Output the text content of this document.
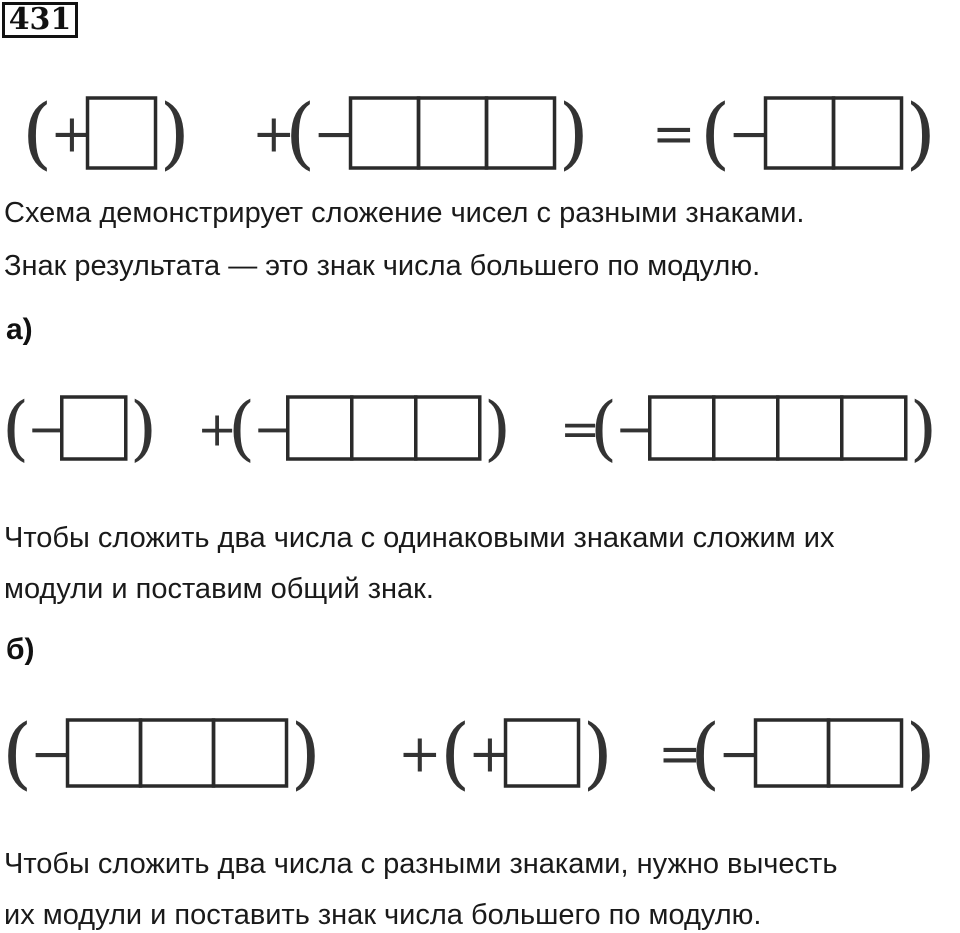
431
(
+ ) +
(
−	) = (
− )
Схема демонстрирует сложение чисел с разными знаками.
Знак результата — это знак числа большего по модулю.
а)
(
− ) +
(
−	) =
(
−	)
Чтобы сложить два числа с одинаковыми знаками сложим их
модули и поставим общий знак.
б)
(
−	) +
(
+ ) =
(
− )
Чтобы сложить два числа с разными знаками, нужно вычесть
их модули и поставить знак числа большего по модулю.
